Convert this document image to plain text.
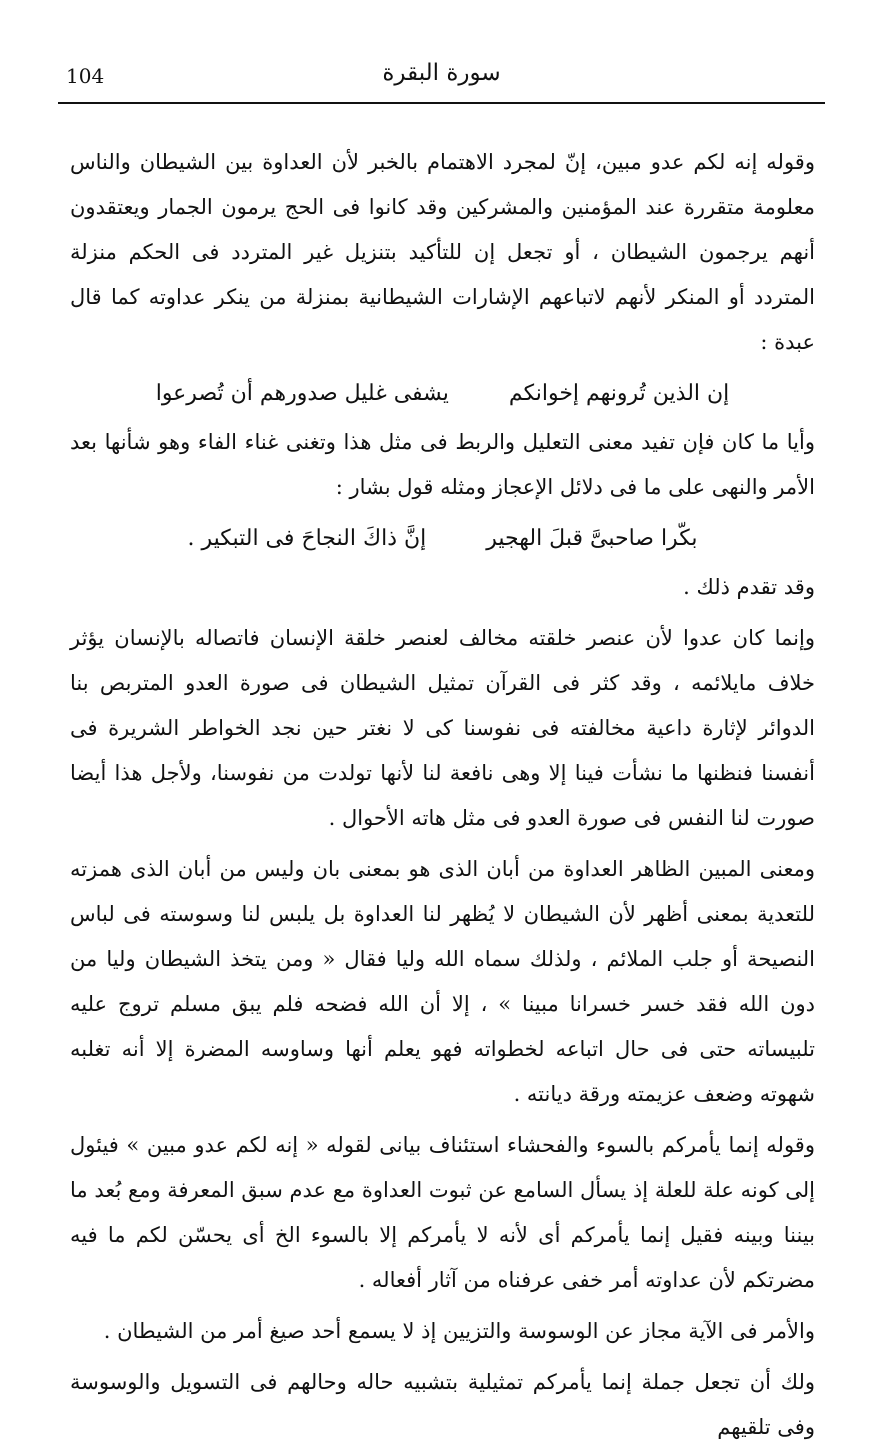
104	سورة البقرة

وقوله إنه لكم عدو مبين، إنّ لمجرد الاهتمام بالخبر لأن العداوة بين الشيطان والناس معلومة متقررة عند المؤمنين والمشركين وقد كانوا فى الحج يرمون الجمار ويعتقدون أنهم يرجمون الشيطان ، أو تجعل إن للتأكيد بتنزيل غير المتردد فى الحكم منزلة المتردد أو المنكر لأنهم لاتباعهم الإشارات الشيطانية بمنزلة من ينكر عداوته كما قال عبدة :

إن الذين تُرونهم إخوانكم
يشفى غليل صدورهم أن تُصرعوا

وأيا ما كان فإن تفيد معنى التعليل والربط فى مثل هذا وتغنى غناء الفاء وهو شأنها بعد الأمر والنهى على ما فى دلائل الإعجاز ومثله قول بشار :

بكّرا صاحبىَّ قبلَ الهجير
إنَّ ذاكَ النجاحَ فى التبكير .

وقد تقدم ذلك .

وإنما كان عدوا لأن عنصر خلقته مخالف لعنصر خلقة الإنسان فاتصاله بالإنسان يؤثر خلاف مايلائمه ، وقد كثر فى القرآن تمثيل الشيطان فى صورة العدو المتربص بنا الدوائر لإثارة داعية مخالفته فى نفوسنا كى لا نغتر حين نجد الخواطر الشريرة فى أنفسنا فنظنها ما نشأت فينا إلا وهى نافعة لنا لأنها تولدت من نفوسنا، ولأجل هذا أيضا صورت لنا النفس فى صورة العدو فى مثل هاته الأحوال .

ومعنى المبين الظاهر العداوة من أبان الذى هو بمعنى بان وليس من أبان الذى همزته للتعدية بمعنى أظهر لأن الشيطان لا يُظهر لنا العداوة بل يلبس لنا وسوسته فى لباس النصيحة أو جلب الملائم ، ولذلك سماه الله وليا فقال « ومن يتخذ الشيطان وليا من دون الله فقد خسر خسرانا مبينا » ، إلا أن الله فضحه فلم يبق مسلم تروج عليه تلبيساته حتى فى حال اتباعه لخطواته فهو يعلم أنها وساوسه المضرة إلا أنه تغلبه شهوته وضعف عزيمته ورقة ديانته .

وقوله إنما يأمركم بالسوء والفحشاء استئناف بيانى لقوله « إنه لكم عدو مبين » فيئول إلى كونه علة للعلة إذ يسأل السامع عن ثبوت العداوة مع عدم سبق المعرفة ومع بُعد ما بيننا وبينه فقيل إنما يأمركم أى لأنه لا يأمركم إلا بالسوء الخ أى يحسّن لكم ما فيه مضرتكم لأن عداوته أمر خفى عرفناه من آثار أفعاله .

والأمر فى الآية مجاز عن الوسوسة والتزيين إذ لا يسمع أحد صيغ أمر من الشيطان .

ولك أن تجعل جملة إنما يأمركم تمثيلية بتشبيه حاله وحالهم فى التسويل والوسوسة وفى تلقيهم
